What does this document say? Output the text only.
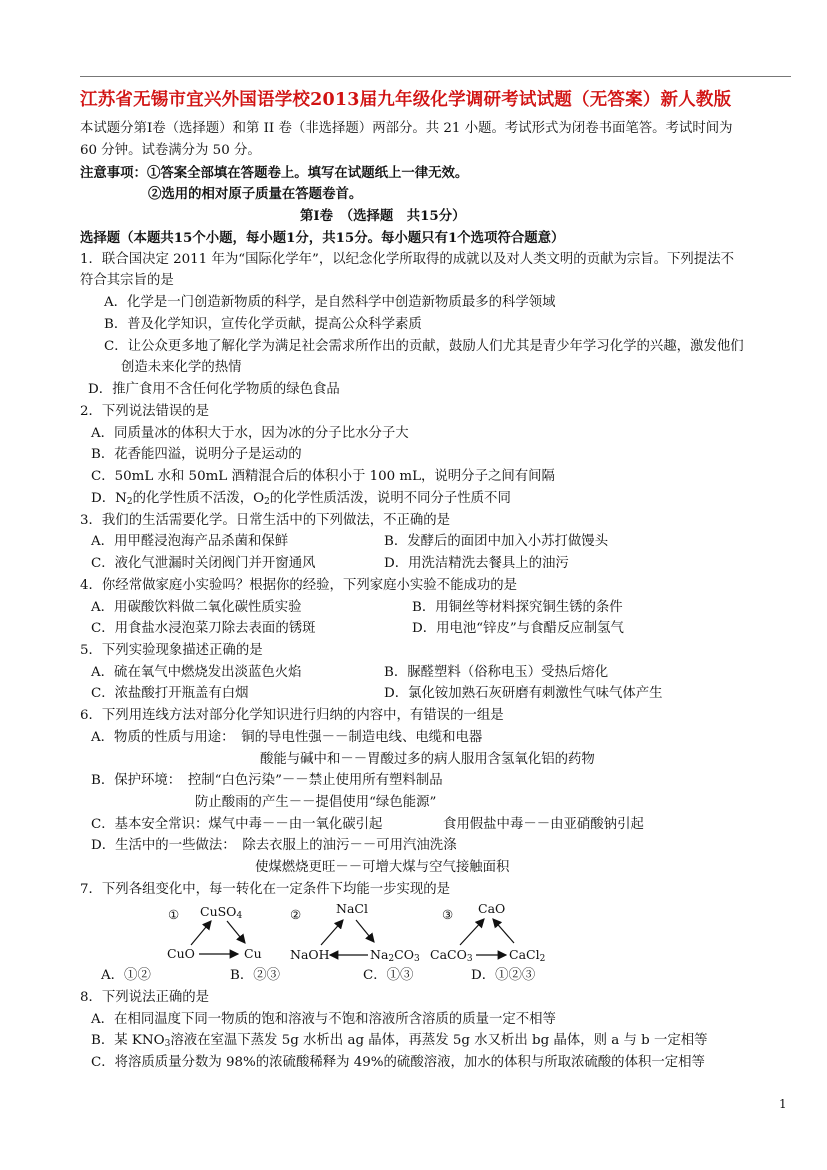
江苏省无锡市宜兴外国语学校2013届九年级化学调研考试试题（无答案）新人教版
本试题分第Ⅰ卷（选择题）和第 II 卷（非选择题）两部分。共 21 小题。考试形式为闭卷书面笔答。考试时间为
60 分钟。试卷满分为 50 分。
注意事项：①答案全部填在答题卷上。填写在试题纸上一律无效。
②选用的相对原子质量在答题卷首。
第Ⅰ卷　（选择题　共15分）
选择题（本题共15个小题，每小题1分，共15分。每小题只有1个选项符合题意）
1．联合国决定 2011 年为“国际化学年”，以纪念化学所取得的成就以及对人类文明的贡献为宗旨。下列提法不
符合其宗旨的是
A．化学是一门创造新物质的科学，是自然科学中创造新物质最多的科学领域
B．普及化学知识，宣传化学贡献，提高公众科学素质
C．让公众更多地了解化学为满足社会需求所作出的贡献，鼓励人们尤其是青少年学习化学的兴趣，激发他们
创造未来化学的热情
D．推广食用不含任何化学物质的绿色食品
2．下列说法错误的是
A．同质量冰的体积大于水，因为冰的分子比水分子大
B．花香能四溢，说明分子是运动的
C．50mL 水和 50mL 酒精混合后的体积小于 100 mL，说明分子之间有间隔
D．$N_2$的化学性质不活泼，$O_2$的化学性质活泼，说明不同分子性质不同
3．我们的生活需要化学。日常生活中的下列做法，不正确的是
A．用甲醛浸泡海产品杀菌和保鲜	B．发酵后的面团中加入小苏打做馒头
C．液化气泄漏时关闭阀门并开窗通风	D．用洗洁精洗去餐具上的油污
4．你经常做家庭小实验吗？根据你的经验，下列家庭小实验不能成功的是
A．用碳酸饮料做二氧化碳性质实验	B．用铜丝等材料探究铜生锈的条件
C．用食盐水浸泡菜刀除去表面的锈斑	D．用电池“锌皮”与食醋反应制氢气
5．下列实验现象描述正确的是
A．硫在氧气中燃烧发出淡蓝色火焰	B．脲醛塑料（俗称电玉）受热后熔化
C．浓盐酸打开瓶盖有白烟	D．氯化铵加熟石灰研磨有刺激性气味气体产生
6．下列用连线方法对部分化学知识进行归纳的内容中，有错误的一组是
A．物质的性质与用途：　铜的导电性强－－制造电线、电缆和电器
酸能与碱中和－－胃酸过多的病人服用含氢氧化铝的药物
B．保护环境：　控制“白色污染”－－禁止使用所有塑料制品
防止酸雨的产生－－提倡使用“绿色能源”
C．基本安全常识：煤气中毒－－由一氧化碳引起	食用假盐中毒－－由亚硝酸钠引起
D．生活中的一些做法：　除去衣服上的油污－－可用汽油洗涤
使煤燃烧更旺－－可增大煤与空气接触面积
7．下列各组变化中，每一转化在一定条件下均能一步实现的是
① CuSO$_4$
CuO	Cu
②	NaCl
NaOH	$Na_2CO_3$
③ CaO
CaCO$_3$	CaCl$_2$
A．①②	B．②③	C．①③	D．①②③
8．下列说法正确的是
A．在相同温度下同一物质的饱和溶液与不饱和溶液所含溶质的质量一定不相等
B．某 $KNO_3$溶液在室温下蒸发 5g 水析出 ag 晶体，再蒸发 5g 水又析出 bg 晶体，则 a 与 b 一定相等
C．将溶质质量分数为 98%的浓硫酸稀释为 49%的硫酸溶液，加水的体积与所取浓硫酸的体积一定相等
1
